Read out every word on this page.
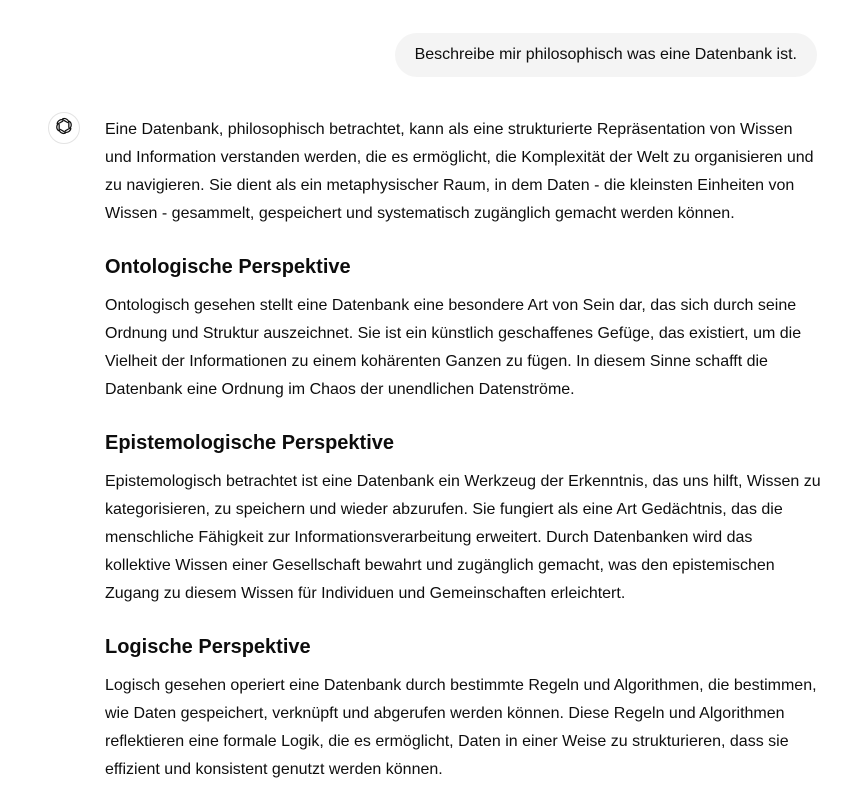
Beschreibe mir philosophisch was eine Datenbank ist.

Eine Datenbank, philosophisch betrachtet, kann als eine strukturierte Repräsentation von Wissen und Information verstanden werden, die es ermöglicht, die Komplexität der Welt zu organisieren und zu navigieren. Sie dient als ein metaphysischer Raum, in dem Daten - die kleinsten Einheiten von Wissen - gesammelt, gespeichert und systematisch zugänglich gemacht werden können.

Ontologische Perspektive

Ontologisch gesehen stellt eine Datenbank eine besondere Art von Sein dar, das sich durch seine Ordnung und Struktur auszeichnet. Sie ist ein künstlich geschaffenes Gefüge, das existiert, um die Vielheit der Informationen zu einem kohärenten Ganzen zu fügen. In diesem Sinne schafft die Datenbank eine Ordnung im Chaos der unendlichen Datenströme.

Epistemologische Perspektive

Epistemologisch betrachtet ist eine Datenbank ein Werkzeug der Erkenntnis, das uns hilft, Wissen zu kategorisieren, zu speichern und wieder abzurufen. Sie fungiert als eine Art Gedächtnis, das die menschliche Fähigkeit zur Informationsverarbeitung erweitert. Durch Datenbanken wird das kollektive Wissen einer Gesellschaft bewahrt und zugänglich gemacht, was den epistemischen Zugang zu diesem Wissen für Individuen und Gemeinschaften erleichtert.

Logische Perspektive

Logisch gesehen operiert eine Datenbank durch bestimmte Regeln und Algorithmen, die bestimmen, wie Daten gespeichert, verknüpft und abgerufen werden können. Diese Regeln und Algorithmen reflektieren eine formale Logik, die es ermöglicht, Daten in einer Weise zu strukturieren, dass sie effizient und konsistent genutzt werden können.
